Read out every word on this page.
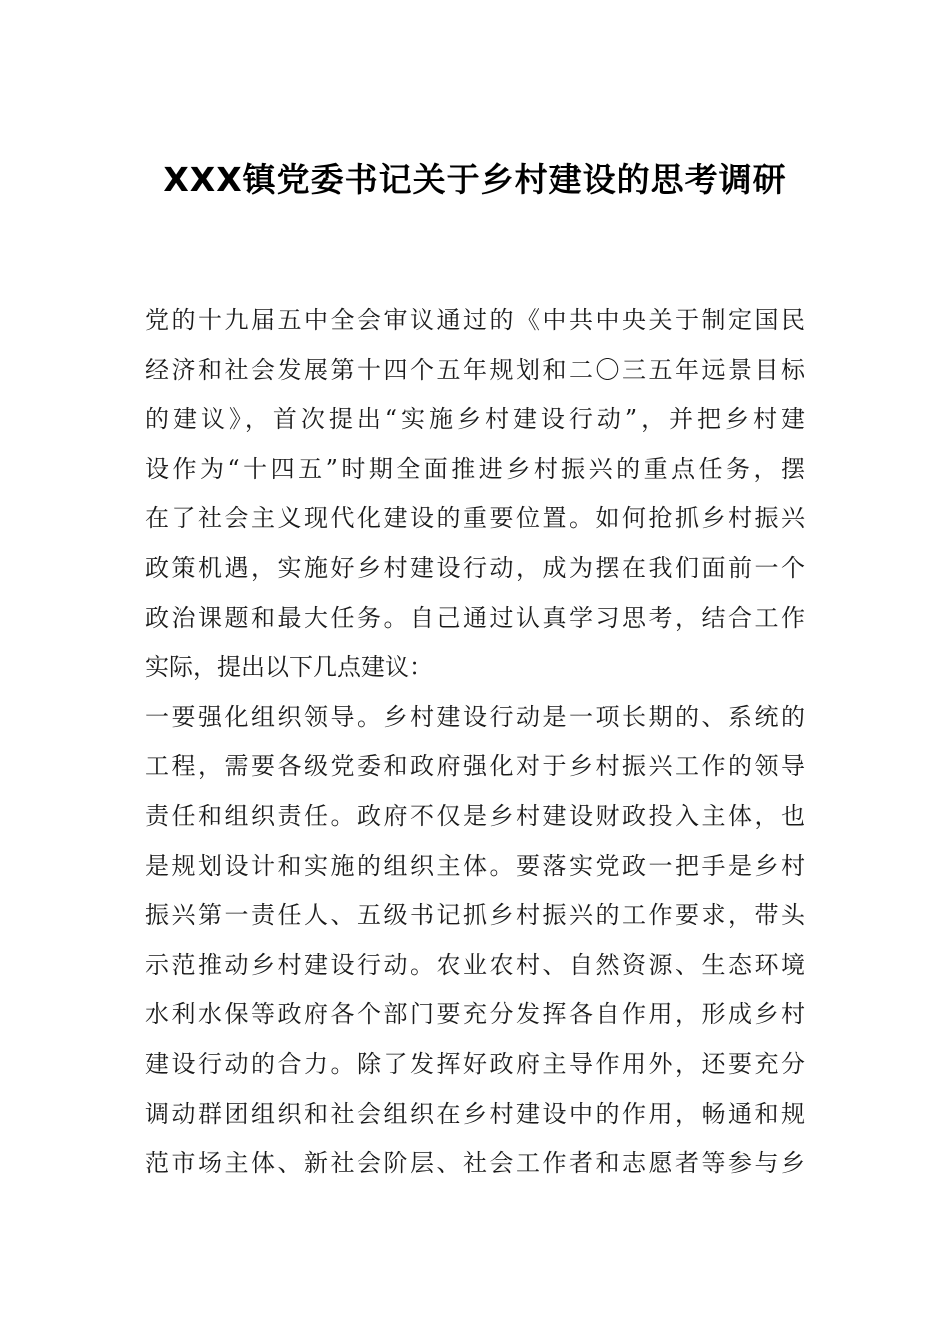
XXX镇党委书记关于乡村建设的思考调研
党的十九届五中全会审议通过的《中共中央关于制定国民
经济和社会发展第十四个五年规划和二〇三五年远景目标
的建议》，首次提出“实施乡村建设行动”，并把乡村建
设作为“十四五”时期全面推进乡村振兴的重点任务，摆
在了社会主义现代化建设的重要位置。如何抢抓乡村振兴
政策机遇，实施好乡村建设行动，成为摆在我们面前一个
政治课题和最大任务。自己通过认真学习思考，结合工作
实际，提出以下几点建议：
一要强化组织领导。乡村建设行动是一项长期的、系统的
工程，需要各级党委和政府强化对于乡村振兴工作的领导
责任和组织责任。政府不仅是乡村建设财政投入主体，也
是规划设计和实施的组织主体。要落实党政一把手是乡村
振兴第一责任人、五级书记抓乡村振兴的工作要求，带头
示范推动乡村建设行动。农业农村、自然资源、生态环境
水利水保等政府各个部门要充分发挥各自作用，形成乡村
建设行动的合力。除了发挥好政府主导作用外，还要充分
调动群团组织和社会组织在乡村建设中的作用，畅通和规
范市场主体、新社会阶层、社会工作者和志愿者等参与乡
